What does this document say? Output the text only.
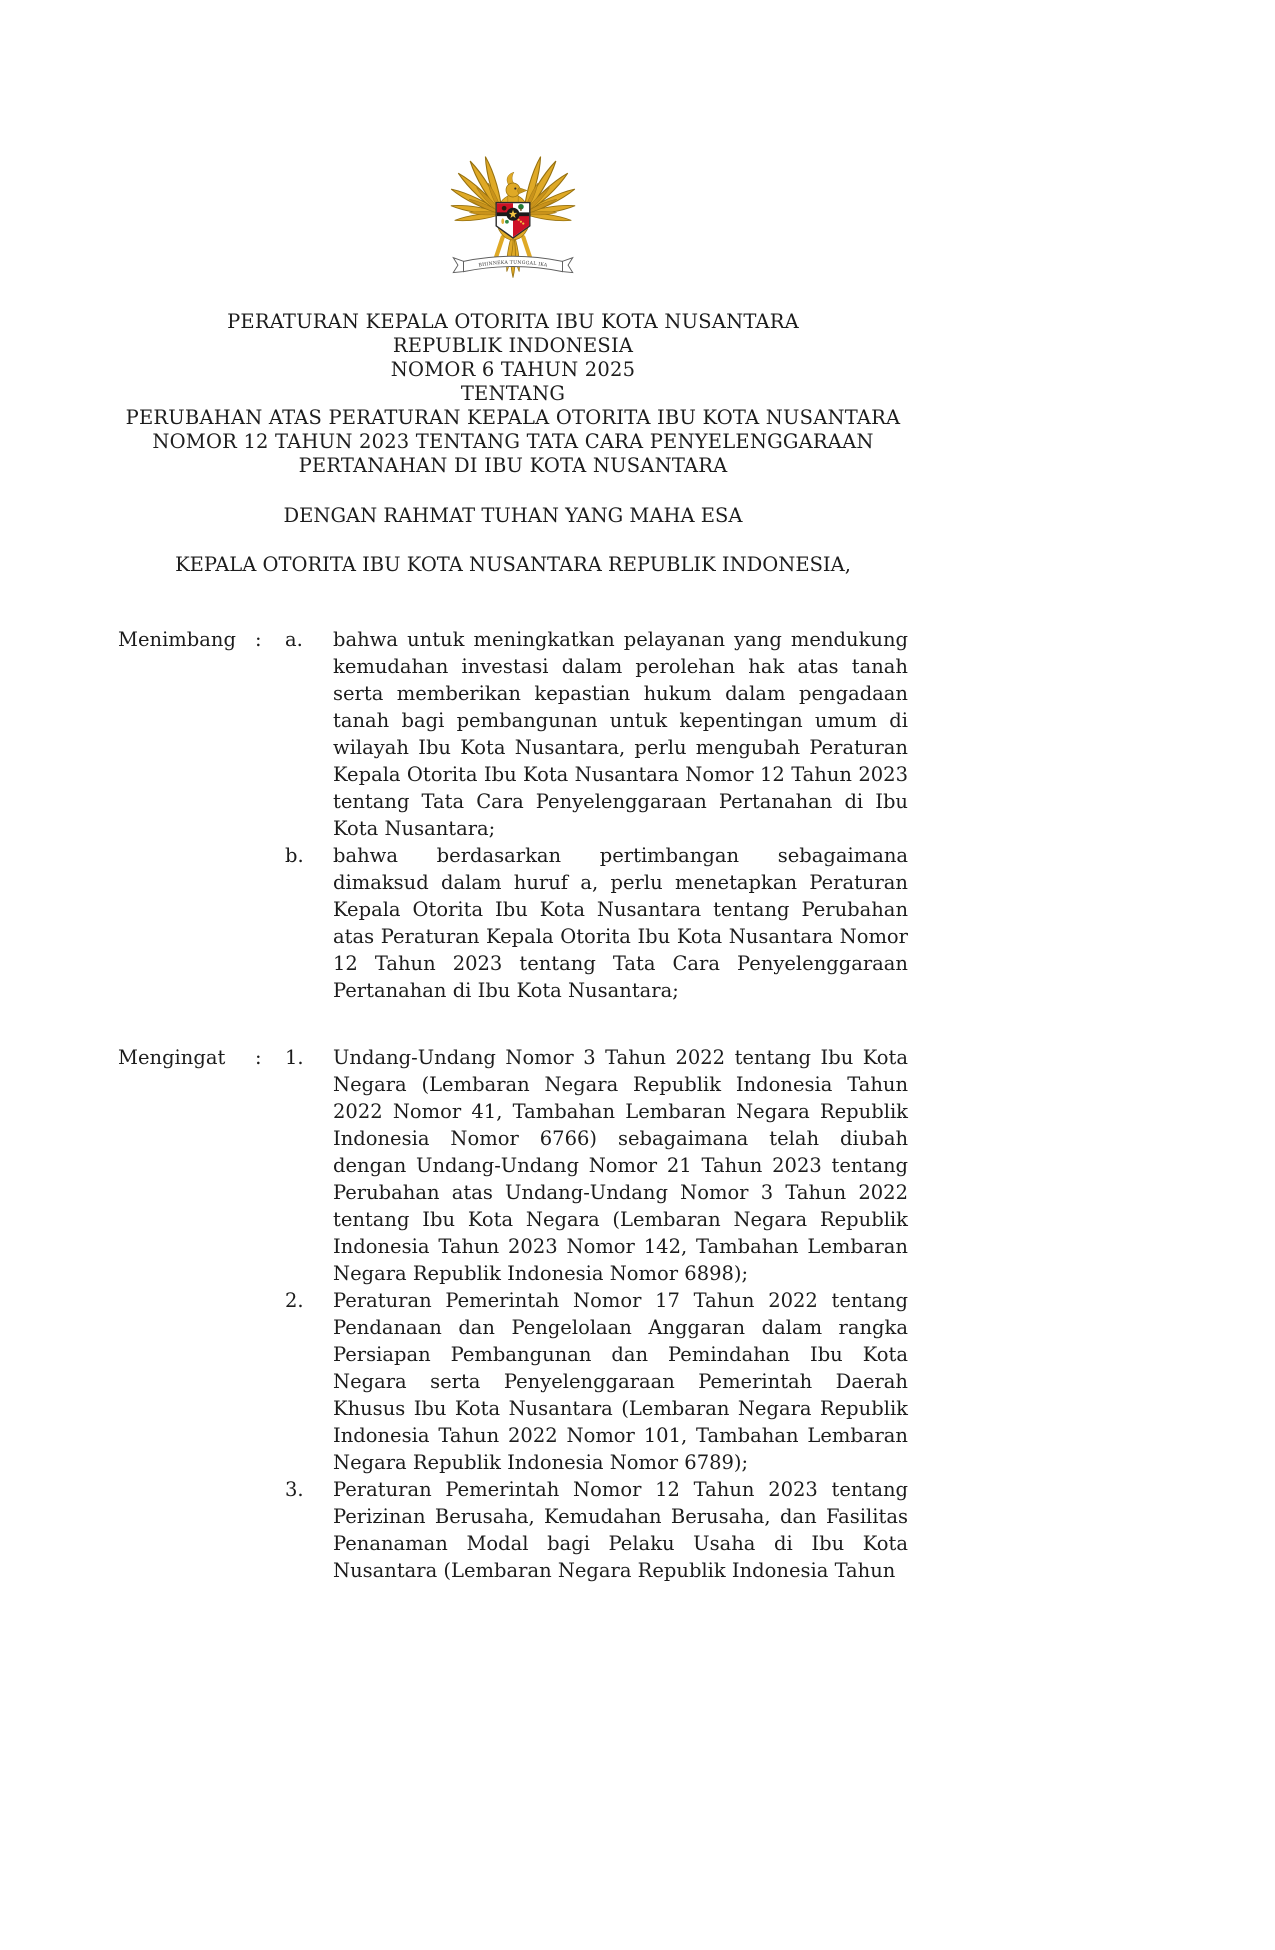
BHINNEKA TUNGGAL IKA
PERATURAN KEPALA OTORITA IBU KOTA NUSANTARA
REPUBLIK INDONESIA
NOMOR 6 TAHUN 2025
TENTANG
PERUBAHAN ATAS PERATURAN KEPALA OTORITA IBU KOTA NUSANTARA
NOMOR 12 TAHUN 2023 TENTANG TATA CARA PENYELENGGARAAN
PERTANAHAN DI IBU KOTA NUSANTARA
DENGAN RAHMAT TUHAN YANG MAHA ESA
KEPALA OTORITA IBU KOTA NUSANTARA REPUBLIK INDONESIA,
Menimbang :	a.	bahwa untuk meningkatkan pelayanan yang mendukung kemudahan investasi dalam perolehan hak atas tanah serta memberikan kepastian hukum dalam pengadaan tanah bagi pembangunan untuk kepentingan umum di wilayah Ibu Kota Nusantara, perlu mengubah Peraturan Kepala Otorita Ibu Kota Nusantara Nomor 12 Tahun 2023 tentang Tata Cara Penyelenggaraan Pertanahan di Ibu Kota Nusantara;
b.	bahwa berdasarkan pertimbangan sebagaimana dimaksud dalam huruf a, perlu menetapkan Peraturan Kepala Otorita Ibu Kota Nusantara tentang Perubahan atas Peraturan Kepala Otorita Ibu Kota Nusantara Nomor 12 Tahun 2023 tentang Tata Cara Penyelenggaraan Pertanahan di Ibu Kota Nusantara;
Mengingat	:	1.	Undang-Undang Nomor 3 Tahun 2022 tentang Ibu Kota Negara (Lembaran Negara Republik Indonesia Tahun 2022 Nomor 41, Tambahan Lembaran Negara Republik Indonesia Nomor 6766) sebagaimana telah diubah dengan Undang-Undang Nomor 21 Tahun 2023 tentang Perubahan atas Undang-Undang Nomor 3 Tahun 2022 tentang Ibu Kota Negara (Lembaran Negara Republik Indonesia Tahun 2023 Nomor 142, Tambahan Lembaran Negara Republik Indonesia Nomor 6898);
2.	Peraturan Pemerintah Nomor 17 Tahun 2022 tentang Pendanaan dan Pengelolaan Anggaran dalam rangka Persiapan Pembangunan dan Pemindahan Ibu Kota Negara serta Penyelenggaraan Pemerintah Daerah Khusus Ibu Kota Nusantara (Lembaran Negara Republik Indonesia Tahun 2022 Nomor 101, Tambahan Lembaran Negara Republik Indonesia Nomor 6789);
3.	Peraturan Pemerintah Nomor 12 Tahun 2023 tentang Perizinan Berusaha, Kemudahan Berusaha, dan Fasilitas Penanaman Modal bagi Pelaku Usaha di Ibu Kota Nusantara (Lembaran Negara Republik Indonesia Tahun
